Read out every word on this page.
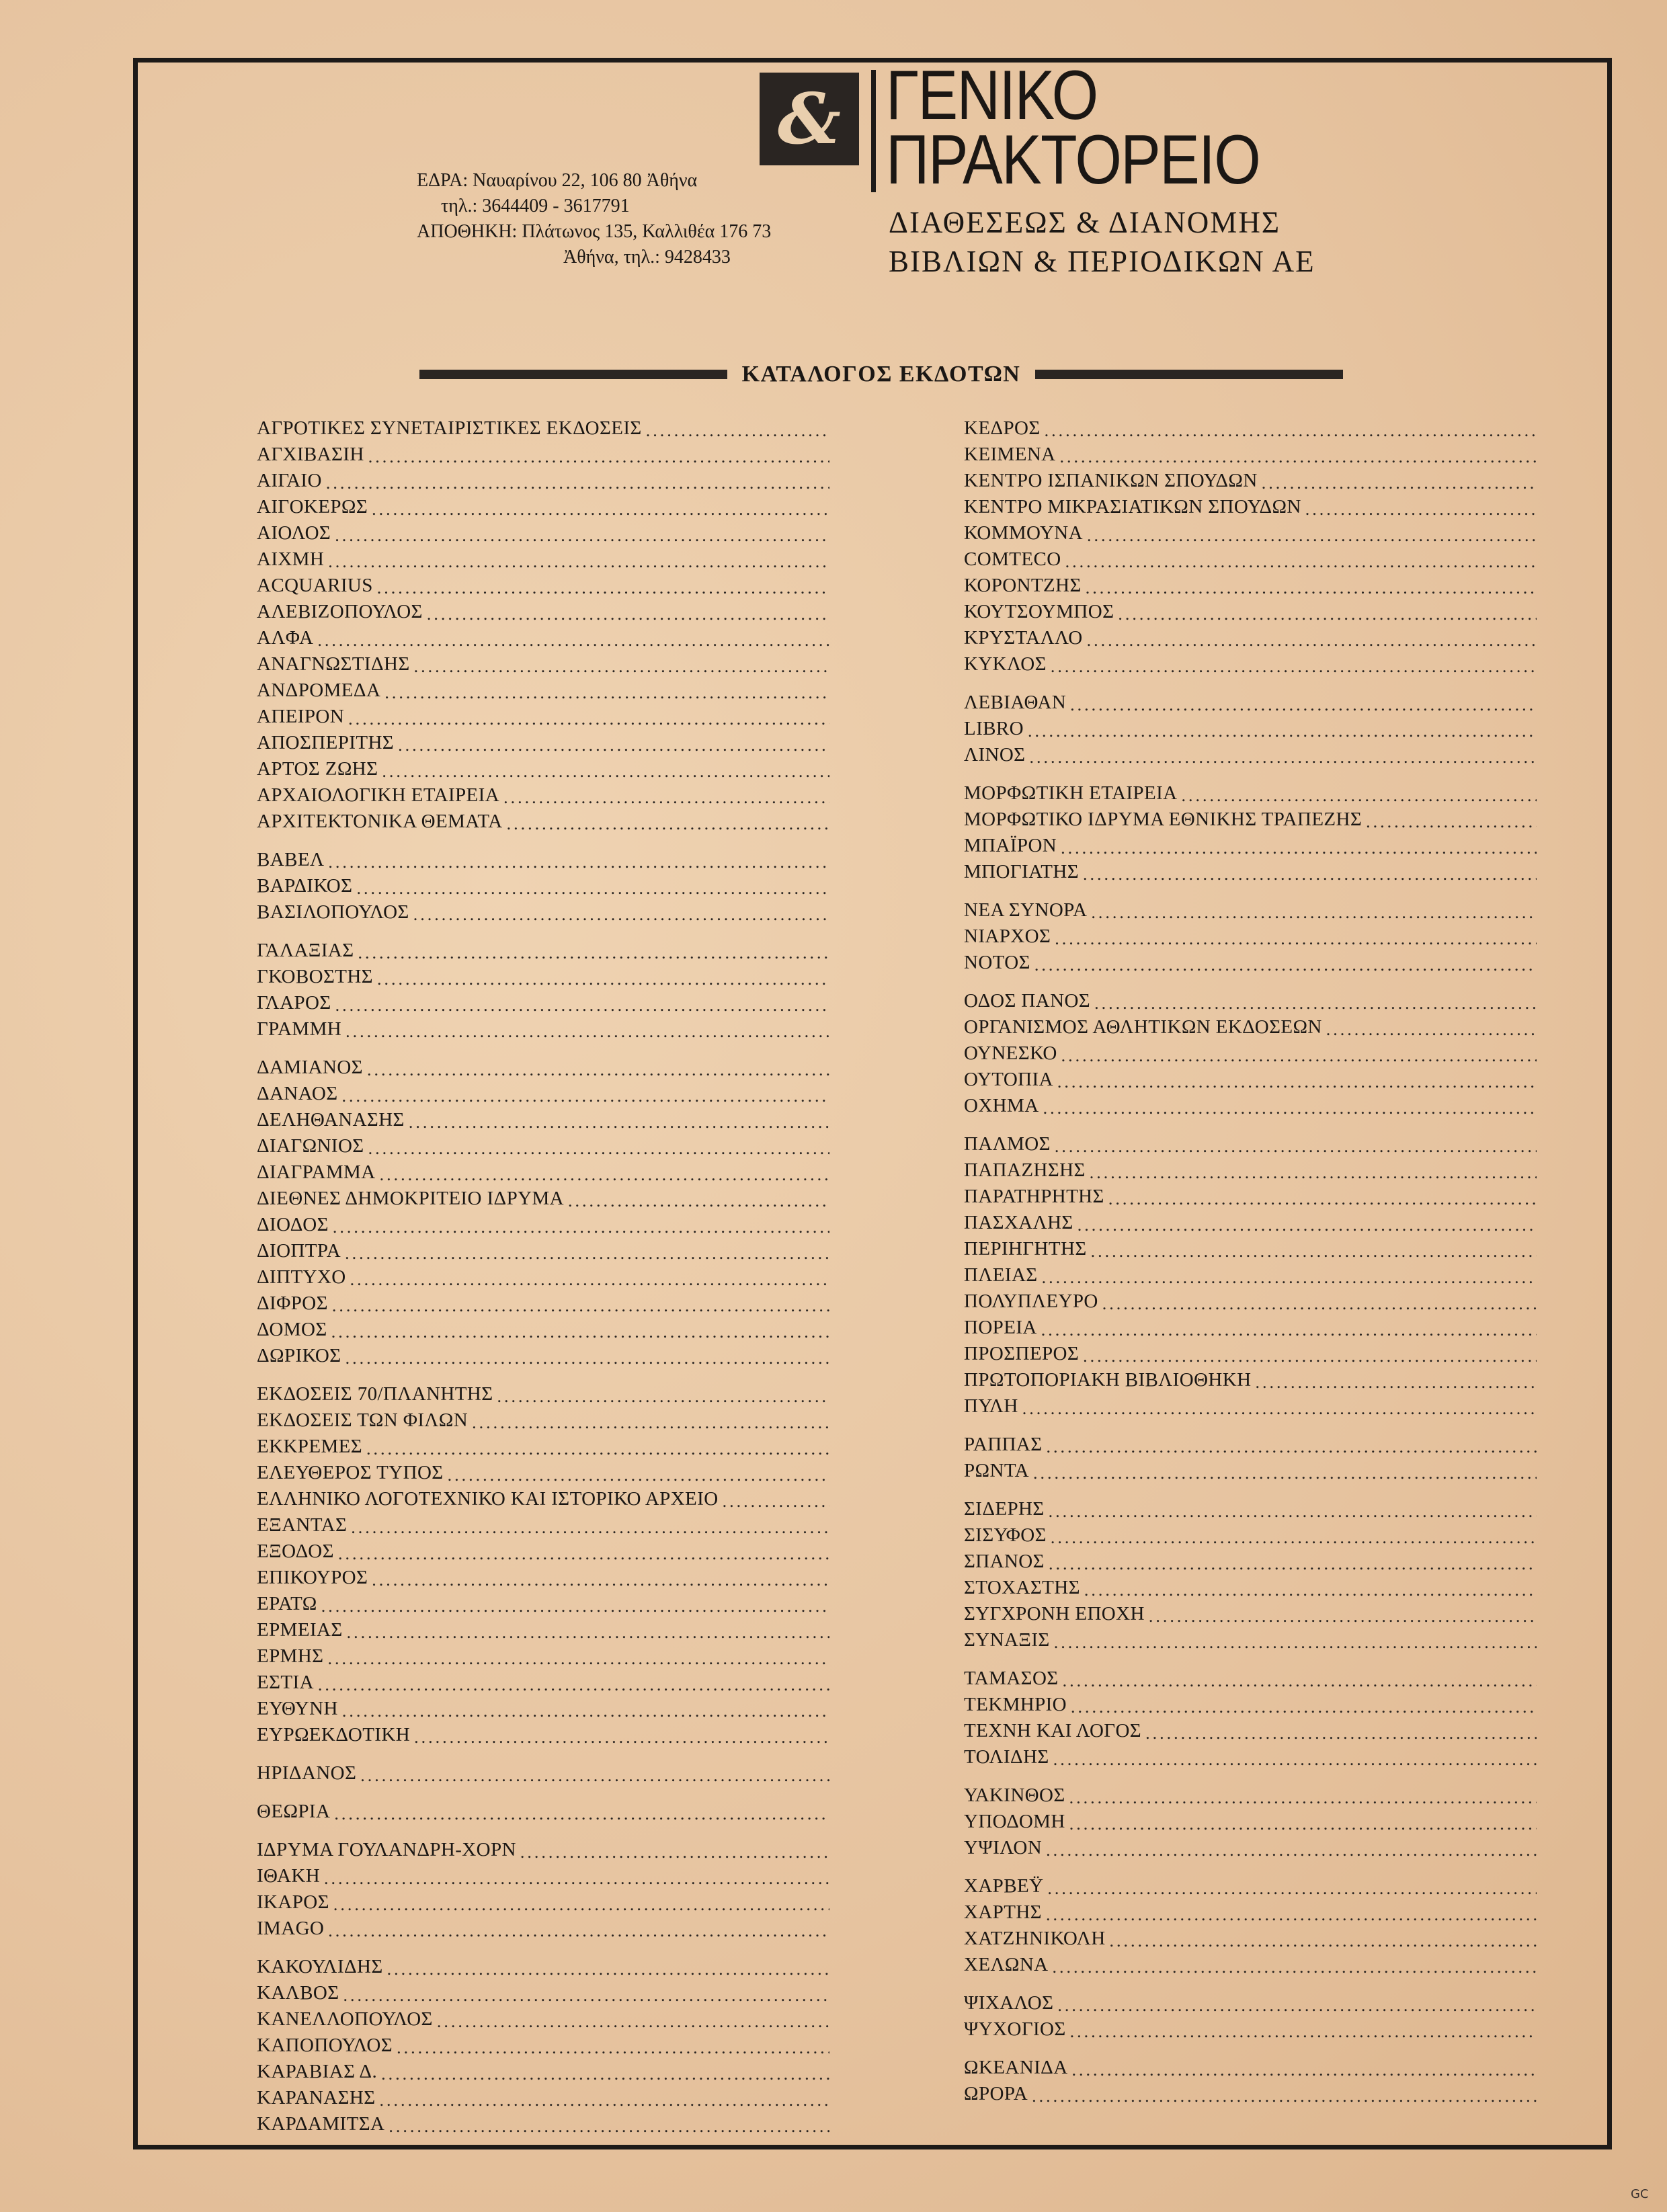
& ΓΕΝΙΚΟ
ΠΡΑΚΤΟΡΕΙΟ
ΔΙΑΘΕΣΕΩΣ & ΔΙΑΝΟΜΗΣ
ΒΙΒΛΙΩΝ & ΠΕΡΙΟΔΙΚΩΝ ΑΕ
ΕΔΡΑ: Ναυαρίνου 22, 106 80 Ἀθήνα
τηλ.: 3644409 - 3617791
ΑΠΟΘΗΚΗ: Πλάτωνος 135, Καλλιθέα 176 73
Ἀθήνα, τηλ.: 9428433
ΚΑΤΑΛΟΓΟΣ ΕΚΔΟΤΩΝ
ΑΓΡΟΤΙΚΕΣ ΣΥΝΕΤΑΙΡΙΣΤΙΚΕΣ ΕΚΔΟΣΕΙΣ
.....
ΑΓΧΙΒΑΣΙΗ
.....
ΑΙΓΑΙΟ
.....
ΑΙΓΟΚΕΡΩΣ
.....
ΑΙΟΛΟΣ
.....
ΑΙΧΜΗ
.....
ACQUARIUS
.....
ΑΛΕΒΙΖΟΠΟΥΛΟΣ
.....
ΑΛΦΑ
.....
ΑΝΑΓΝΩΣΤΙΔΗΣ
.....
ΑΝΔΡΟΜΕΔΑ
.....
ΑΠΕΙΡΟΝ
.....
ΑΠΟΣΠΕΡΙΤΗΣ
.....
ΑΡΤΟΣ ΖΩΗΣ
.....
ΑΡΧΑΙΟΛΟΓΙΚΗ ΕΤΑΙΡΕΙΑ
.....
ΑΡΧΙΤΕΚΤΟΝΙΚΑ ΘΕΜΑΤΑ
.....
ΒΑΒΕΛ
.....
ΒΑΡΔΙΚΟΣ
.....
ΒΑΣΙΛΟΠΟΥΛΟΣ
.....
ΓΑΛΑΞΙΑΣ
.....
ΓΚΟΒΟΣΤΗΣ
.....
ΓΛΑΡΟΣ
.....
ΓΡΑΜΜΗ
.....
ΔΑΜΙΑΝΟΣ
.....
ΔΑΝΑΟΣ
.....
ΔΕΛΗΘΑΝΑΣΗΣ
.....
ΔΙΑΓΩΝΙΟΣ
.....
ΔΙΑΓΡΑΜΜΑ
.....
ΔΙΕΘΝΕΣ ΔΗΜΟΚΡΙΤΕΙΟ ΙΔΡΥΜΑ
.....
ΔΙΟΔΟΣ
.....
ΔΙΟΠΤΡΑ
.....
ΔΙΠΤΥΧΟ
.....
ΔΙΦΡΟΣ
.....
ΔΟΜΟΣ
.....
ΔΩΡΙΚΟΣ
.....
ΕΚΔΟΣΕΙΣ 70/ΠΛΑΝΗΤΗΣ
.....
ΕΚΔΟΣΕΙΣ ΤΩΝ ΦΙΛΩΝ
.....
ΕΚΚΡΕΜΕΣ
.....
ΕΛΕΥΘΕΡΟΣ ΤΥΠΟΣ
.....
ΕΛΛΗΝΙΚΟ ΛΟΓΟΤΕΧΝΙΚΟ ΚΑΙ ΙΣΤΟΡΙΚΟ ΑΡΧΕΙΟ
.....
ΕΞΑΝΤΑΣ
.....
ΕΞΟΔΟΣ
.....
ΕΠΙΚΟΥΡΟΣ
.....
ΕΡΑΤΩ
.....
ΕΡΜΕΙΑΣ
.....
ΕΡΜΗΣ
.....
ΕΣΤΙΑ
.....
ΕΥΘΥΝΗ
.....
ΕΥΡΩΕΚΔΟΤΙΚΗ
.....
ΗΡΙΔΑΝΟΣ
.....
ΘΕΩΡΙΑ
.....
ΙΔΡΥΜΑ ΓΟΥΛΑΝΔΡΗ-ΧΟΡΝ
.....
ΙΘΑΚΗ
.....
ΙΚΑΡΟΣ
.....
IMAGO
.....
ΚΑΚΟΥΛΙΔΗΣ
.....
ΚΑΛΒΟΣ
.....
ΚΑΝΕΛΛΟΠΟΥΛΟΣ
.....
ΚΑΠΟΠΟΥΛΟΣ
.....
ΚΑΡΑΒΙΑΣ Δ.
.....
ΚΑΡΑΝΑΣΗΣ
.....
ΚΑΡΔΑΜΙΤΣΑ
.....
ΚΕΔΡΟΣ
.....
ΚΕΙΜΕΝΑ
.....
ΚΕΝΤΡΟ ΙΣΠΑΝΙΚΩΝ ΣΠΟΥΔΩΝ
.....
ΚΕΝΤΡΟ ΜΙΚΡΑΣΙΑΤΙΚΩΝ ΣΠΟΥΔΩΝ
.....
ΚΟΜΜΟΥΝΑ
.....
COMTECO
.....
ΚΟΡΟΝΤΖΗΣ
.....
ΚΟΥΤΣΟΥΜΠΟΣ
.....
ΚΡΥΣΤΑΛΛΟ
.....
ΚΥΚΛΟΣ
.....
ΛΕΒΙΑΘΑΝ
.....
LIBRO
.....
ΛΙΝΟΣ
.....
ΜΟΡΦΩΤΙΚΗ ΕΤΑΙΡΕΙΑ
.....
ΜΟΡΦΩΤΙΚΟ ΙΔΡΥΜΑ ΕΘΝΙΚΗΣ ΤΡΑΠΕΖΗΣ
.....
ΜΠΑΪΡΟΝ
.....
ΜΠΟΓΙΑΤΗΣ
.....
ΝΕΑ ΣΥΝΟΡΑ
.....
ΝΙΑΡΧΟΣ
.....
ΝΟΤΟΣ
.....
ΟΔΟΣ ΠΑΝΟΣ
.....
ΟΡΓΑΝΙΣΜΟΣ ΑΘΛΗΤΙΚΩΝ ΕΚΔΟΣΕΩΝ
.....
ΟΥΝΕΣΚΟ
.....
ΟΥΤΟΠΙΑ
.....
ΟΧΗΜΑ
.....
ΠΑΛΜΟΣ
.....
ΠΑΠΑΖΗΣΗΣ
.....
ΠΑΡΑΤΗΡΗΤΗΣ
.....
ΠΑΣΧΑΛΗΣ
.....
ΠΕΡΙΗΓΗΤΗΣ
.....
ΠΛΕΙΑΣ
.....
ΠΟΛΥΠΛΕΥΡΟ
.....
ΠΟΡΕΙΑ
.....
ΠΡΟΣΠΕΡΟΣ
.....
ΠΡΩΤΟΠΟΡΙΑΚΗ ΒΙΒΛΙΟΘΗΚΗ
.....
ΠΥΛΗ
.....
ΡΑΠΠΑΣ
.....
ΡΩΝΤΑ
.....
ΣΙΔΕΡΗΣ
.....
ΣΙΣΥΦΟΣ
.....
ΣΠΑΝΟΣ
.....
ΣΤΟΧΑΣΤΗΣ
.....
ΣΥΓΧΡΟΝΗ ΕΠΟΧΗ
.....
ΣΥΝΑΞΙΣ
.....
ΤΑΜΑΣΟΣ
.....
ΤΕΚΜΗΡΙΟ
.....
ΤΕΧΝΗ ΚΑΙ ΛΟΓΟΣ
.....
ΤΟΛΙΔΗΣ
.....
ΥΑΚΙΝΘΟΣ
.....
ΥΠΟΔΟΜΗ
.....
ΥΨΙΛΟΝ
.....
ΧΑΡΒΕΫ
.....
ΧΑΡΤΗΣ
.....
ΧΑΤΖΗΝΙΚΟΛΗ
.....
ΧΕΛΩΝΑ
.....
ΨΙΧΑΛΟΣ
.....
ΨΥΧΟΓΙΟΣ
.....
ΩΚΕΑΝΙΔΑ
.....
ΩΡΟΡΑ
.....
GC
